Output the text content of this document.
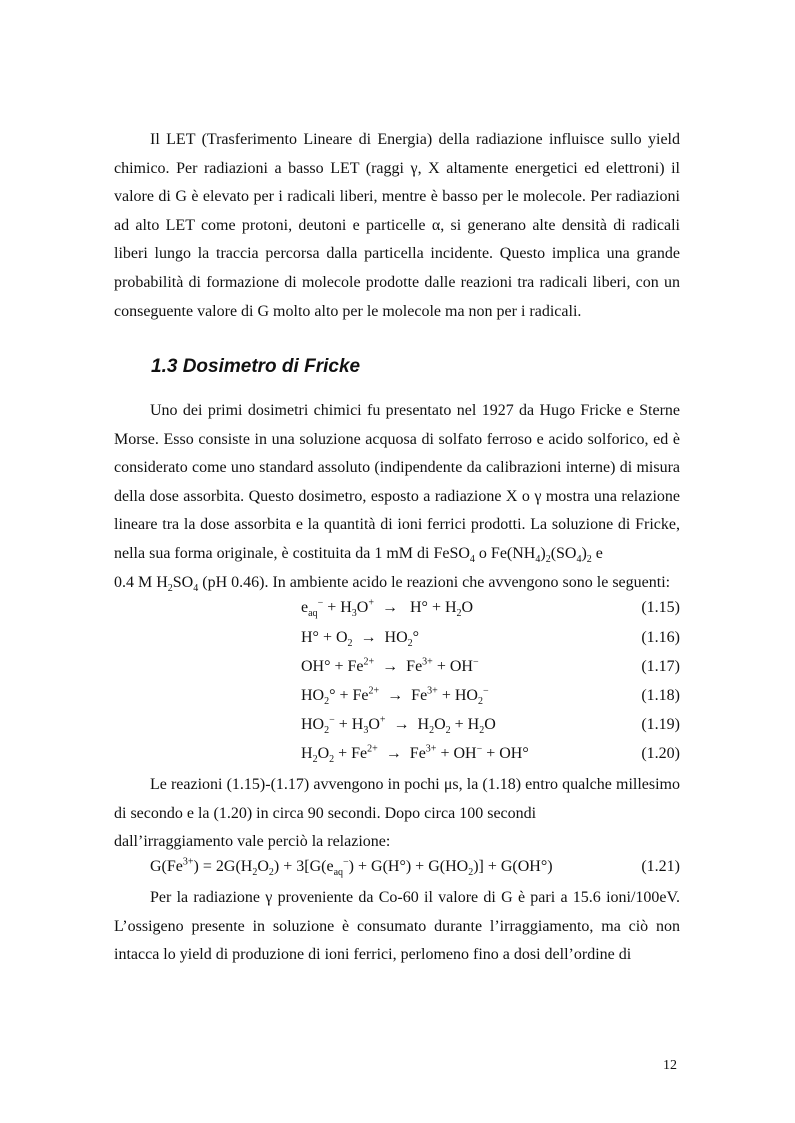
Il LET (Trasferimento Lineare di Energia) della radiazione influisce sullo yield chimico. Per radiazioni a basso LET (raggi γ, X altamente energetici ed elettroni) il valore di G è elevato per i radicali liberi, mentre è basso per le molecole. Per radiazioni ad alto LET come protoni, deutoni e particelle α, si generano alte densità di radicali liberi lungo la traccia percorsa dalla particella incidente. Questo implica una grande probabilità di formazione di molecole prodotte dalle reazioni tra radicali liberi, con un conseguente valore di G molto alto per le molecole ma non per i radicali.

1.3 Dosimetro di Fricke

Uno dei primi dosimetri chimici fu presentato nel 1927 da Hugo Fricke e Sterne Morse. Esso consiste in una soluzione acquosa di solfato ferroso e acido solforico, ed è considerato come uno standard assoluto (indipendente da calibrazioni interne) di misura della dose assorbita. Questo dosimetro, esposto a radiazione X o γ mostra una relazione lineare tra la dose assorbita e la quantità di ioni ferrici prodotti. La soluzione di Fricke, nella sua forma originale, è costituita da 1 mM di FeSO$_4$ o $Fe(NH_4)_2(SO_4)_2$ e
0.4 M $H_2SO_4$ (pH 0.46). In ambiente acido le reazioni che avvengono sono le seguenti:

$e_{aq}^- + H_3O^+ \to H^\circ + H_2O$	(1.15)
$H^\circ + O_2 \to HO_2^\circ$	(1.16)
$OH^\circ + Fe^{2+} \to Fe^{3+} + OH^-$	(1.17)
$HO_2^\circ + Fe^{2+} \to Fe^{3+} + HO_2^-$	(1.18)
$HO_2^- + H_3O^+ \to H_2O_2 + H_2O$	(1.19)
$H_2O_2 + Fe^{2+} \to Fe^{3+} + OH^- + OH^\circ$	(1.20)

Le reazioni (1.15)-(1.17) avvengono in pochi μs, la (1.18) entro qualche millesimo di secondo e la (1.20) in circa 90 secondi. Dopo circa 100 secondi
dall’irraggiamento vale perciò la relazione:

$G(Fe^{3+}) = 2G(H_2O_2) + 3[G(e_{aq}^-) + G(H^\circ) + G(HO_2)] + G(OH^\circ)$	(1.21)

Per la radiazione γ proveniente da Co-60 il valore di G è pari a 15.6 ioni/100eV. L’ossigeno presente in soluzione è consumato durante l’irraggiamento, ma ciò non intacca lo yield di produzione di ioni ferrici, perlomeno fino a dosi dell’ordine di

12
